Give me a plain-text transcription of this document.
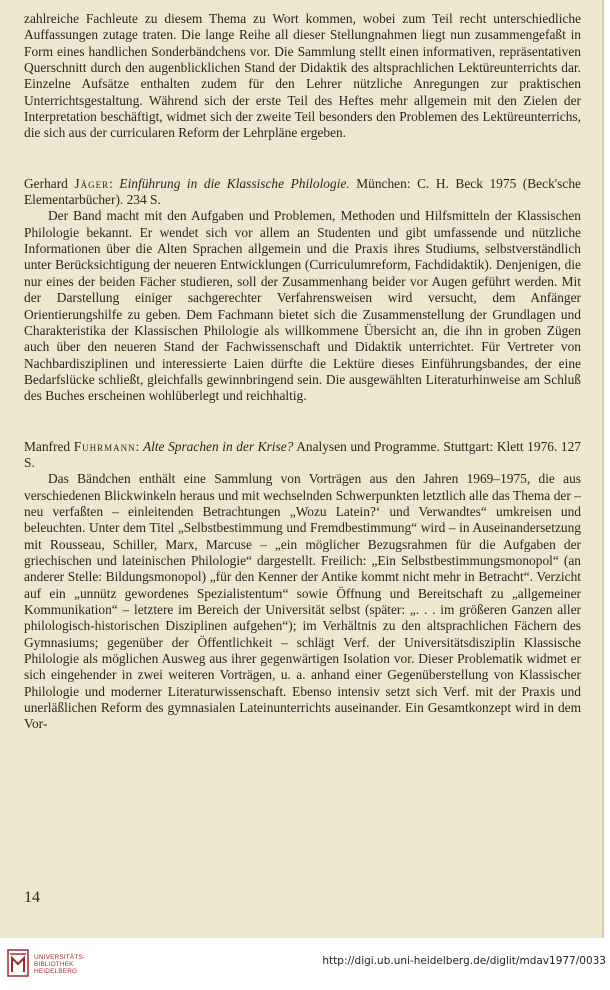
zahlreiche Fachleute zu diesem Thema zu Wort kommen, wobei zum Teil recht unterschiedliche Auffassungen zutage traten. Die lange Reihe all dieser Stellungnahmen liegt nun zusammengefaßt in Form eines handlichen Sonderbändchens vor. Die Sammlung stellt einen informativen, repräsentativen Querschnitt durch den augenblicklichen Stand der Didaktik des altsprachlichen Lektüreunterrichts dar. Einzelne Aufsätze enthalten zudem für den Lehrer nützliche Anregungen zur praktischen Unterrichtsgestaltung. Während sich der erste Teil des Heftes mehr allgemein mit den Zielen der Interpretation beschäftigt, widmet sich der zweite Teil besonders den Problemen des Lektüreunterrichs, die sich aus der curricularen Reform der Lehrpläne ergeben.

Gerhard Jäger: Einführung in die Klassische Philologie. München: C. H. Beck 1975 (Beck'sche Elementarbücher). 234 S.

Der Band macht mit den Aufgaben und Problemen, Methoden und Hilfsmitteln der Klassischen Philologie bekannt. Er wendet sich vor allem an Studenten und gibt umfassende und nützliche Informationen über die Alten Sprachen allgemein und die Praxis ihres Studiums, selbstverständlich unter Berücksichtigung der neueren Entwicklungen (Curriculumreform, Fachdidaktik). Denjenigen, die nur eines der beiden Fächer studieren, soll der Zusammenhang beider vor Augen geführt werden. Mit der Darstellung einiger sachgerechter Verfahrensweisen wird versucht, dem Anfänger Orientierungshilfe zu geben. Dem Fachmann bietet sich die Zusammenstellung der Grundlagen und Charakteristika der Klassischen Philologie als willkommene Übersicht an, die ihn in groben Zügen auch über den neueren Stand der Fachwissenschaft und Didaktik unterrichtet. Für Vertreter von Nachbardisziplinen und interessierte Laien dürfte die Lektüre dieses Einführungsbandes, der eine Bedarfslücke schließt, gleichfalls gewinnbringend sein. Die ausgewählten Literaturhinweise am Schluß des Buches erscheinen wohlüberlegt und reichhaltig.

Manfred Fuhrmann: Alte Sprachen in der Krise? Analysen und Programme. Stuttgart: Klett 1976. 127 S.

Das Bändchen enthält eine Sammlung von Vorträgen aus den Jahren 1969–1975, die aus verschiedenen Blickwinkeln heraus und mit wechselnden Schwerpunkten letztlich alle das Thema der – neu verfaßten – einleitenden Betrachtungen „Wozu Latein?‘ und Verwandtes“ umkreisen und beleuchten. Unter dem Titel „Selbstbestimmung und Fremdbestimmung“ wird – in Auseinandersetzung mit Rousseau, Schiller, Marx, Marcuse – „ein möglicher Bezugsrahmen für die Aufgaben der griechischen und lateinischen Philologie“ dargestellt. Freilich: „Ein Selbstbestimmungsmonopol“ (an anderer Stelle: Bildungsmonopol) „für den Kenner der Antike kommt nicht mehr in Betracht“. Verzicht auf ein „unnütz gewordenes Spezialistentum“ sowie Öffnung und Bereitschaft zu „allgemeiner Kommunikation“ – letztere im Bereich der Universität selbst (später: „. . . im größeren Ganzen aller philologisch-historischen Disziplinen aufgehen“); im Verhältnis zu den altsprachlichen Fächern des Gymnasiums; gegenüber der Öffentlichkeit – schlägt Verf. der Universitätsdisziplin Klassische Philologie als möglichen Ausweg aus ihrer gegenwärtigen Isolation vor. Dieser Problematik widmet er sich eingehender in zwei weiteren Vorträgen, u. a. anhand einer Gegenüberstellung von Klassischer Philologie und moderner Literaturwissenschaft. Ebenso intensiv setzt sich Verf. mit der Praxis und unerläßlichen Reform des gymnasialen Lateinunterrichts auseinander. Ein Gesamtkonzept wird in dem Vor-

14
UNIVERSITÄTS-
BIBLIOTHEK
HEIDELBERG
http://digi.ub.uni-heidelberg.de/diglit/mdav1977/0033
